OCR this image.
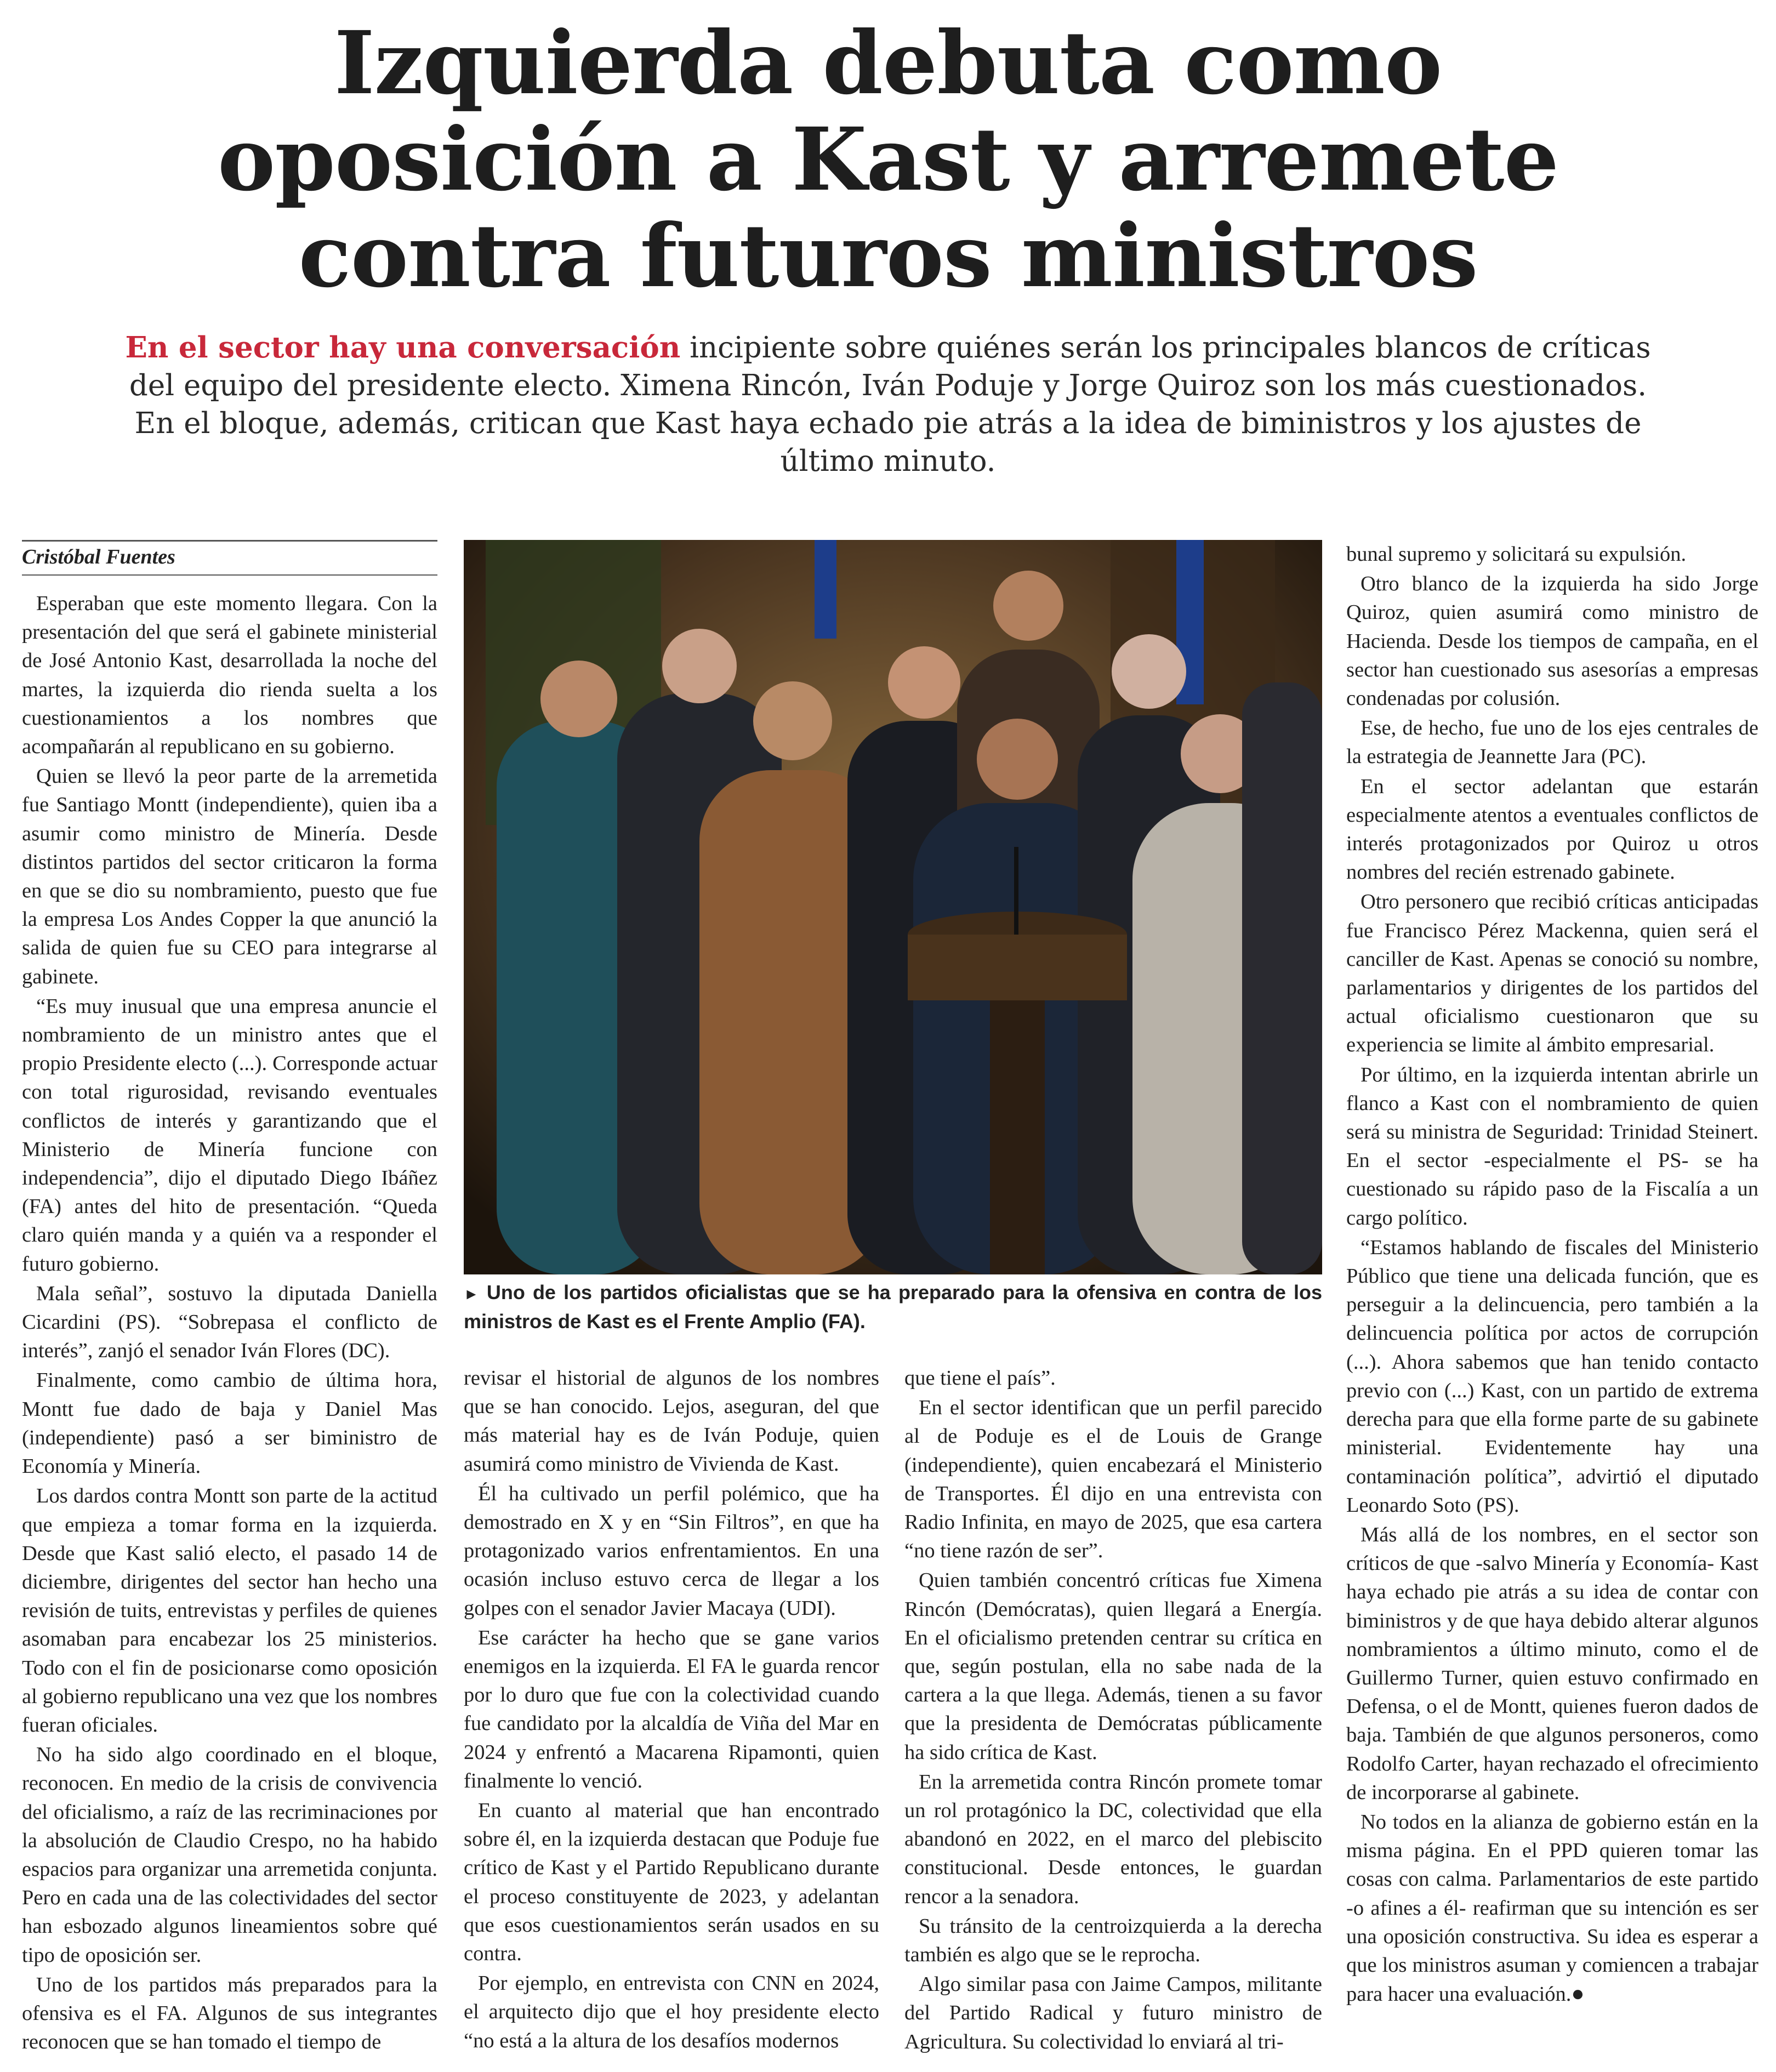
Izquierda debuta como
oposición a Kast y arremete
contra futuros ministros
En el sector hay una conversación incipiente sobre quiénes serán los principales blancos de críticas del equipo del presidente electo. Ximena Rincón, Iván Poduje y Jorge Quiroz son los más cuestionados. En el bloque, además, critican que Kast haya echado pie atrás a la idea de biministros y los ajustes de último minuto.
Cristóbal Fuentes

Esperaban que este momento llegara. Con la presentación del que será el gabinete ministerial de José Antonio Kast, desarrollada la noche del martes, la izquierda dio rienda suelta a los cuestionamientos a los nombres que acompañarán al republicano en su gobierno.

Quien se llevó la peor parte de la arremetida fue Santiago Montt (independiente), quien iba a asumir como ministro de Minería. Desde distintos partidos del sector criticaron la forma en que se dio su nombramiento, puesto que fue la empresa Los Andes Copper la que anunció la salida de quien fue su CEO para integrarse al gabinete.

“Es muy inusual que una empresa anuncie el nombramiento de un ministro antes que el propio Presidente electo (...). Corresponde actuar con total rigurosidad, revisando eventuales conflictos de interés y garantizando que el Ministerio de Minería funcione con independencia”, dijo el diputado Diego Ibáñez (FA) antes del hito de presentación. “Queda claro quién manda y a quién va a responder el futuro gobierno.

Mala señal”, sostuvo la diputada Daniella Cicardini (PS). “Sobrepasa el conflicto de interés”, zanjó el senador Iván Flores (DC).

Finalmente, como cambio de última hora, Montt fue dado de baja y Daniel Mas (independiente) pasó a ser biministro de Economía y Minería.

Los dardos contra Montt son parte de la actitud que empieza a tomar forma en la izquierda. Desde que Kast salió electo, el pasado 14 de diciembre, dirigentes del sector han hecho una revisión de tuits, entrevistas y perfiles de quienes asomaban para encabezar los 25 ministerios. Todo con el fin de posicionarse como oposición al gobierno republicano una vez que los nombres fueran oficiales.

No ha sido algo coordinado en el bloque, reconocen. En medio de la crisis de convivencia del oficialismo, a raíz de las recriminaciones por la absolución de Claudio Crespo, no ha habido espacios para organizar una arremetida conjunta. Pero en cada una de las colectividades del sector han esbozado algunos lineamientos sobre qué tipo de oposición ser.

Uno de los partidos más preparados para la ofensiva es el FA. Algunos de sus integrantes reconocen que se han tomado el tiempo de

► Uno de los partidos oficialistas que se ha preparado para la ofensiva en contra de los ministros de Kast es el Frente Amplio (FA).

revisar el historial de algunos de los nombres que se han conocido. Lejos, aseguran, del que más material hay es de Iván Poduje, quien asumirá como ministro de Vivienda de Kast.

Él ha cultivado un perfil polémico, que ha demostrado en X y en “Sin Filtros”, en que ha protagonizado varios enfrentamientos. En una ocasión incluso estuvo cerca de llegar a los golpes con el senador Javier Macaya (UDI).

Ese carácter ha hecho que se gane varios enemigos en la izquierda. El FA le guarda rencor por lo duro que fue con la colectividad cuando fue candidato por la alcaldía de Viña del Mar en 2024 y enfrentó a Macarena Ripamonti, quien finalmente lo venció.

En cuanto al material que han encontrado sobre él, en la izquierda destacan que Poduje fue crítico de Kast y el Partido Republicano durante el proceso constituyente de 2023, y adelantan que esos cuestionamientos serán usados en su contra.

Por ejemplo, en entrevista con CNN en 2024, el arquitecto dijo que el hoy presidente electo “no está a la altura de los desafíos modernos

que tiene el país”.

En el sector identifican que un perfil parecido al de Poduje es el de Louis de Grange (independiente), quien encabezará el Ministerio de Transportes. Él dijo en una entrevista con Radio Infinita, en mayo de 2025, que esa cartera “no tiene razón de ser”.

Quien también concentró críticas fue Ximena Rincón (Demócratas), quien llegará a Energía. En el oficialismo pretenden centrar su crítica en que, según postulan, ella no sabe nada de la cartera a la que llega. Además, tienen a su favor que la presidenta de Demócratas públicamente ha sido crítica de Kast.

En la arremetida contra Rincón promete tomar un rol protagónico la DC, colectividad que ella abandonó en 2022, en el marco del plebiscito constitucional. Desde entonces, le guardan rencor a la senadora.

Su tránsito de la centroizquierda a la derecha también es algo que se le reprocha.

Algo similar pasa con Jaime Campos, militante del Partido Radical y futuro ministro de Agricultura. Su colectividad lo enviará al tri-

bunal supremo y solicitará su expulsión.

Otro blanco de la izquierda ha sido Jorge Quiroz, quien asumirá como ministro de Hacienda. Desde los tiempos de campaña, en el sector han cuestionado sus asesorías a empresas condenadas por colusión.

Ese, de hecho, fue uno de los ejes centrales de la estrategia de Jeannette Jara (PC).

En el sector adelantan que estarán especialmente atentos a eventuales conflictos de interés protagonizados por Quiroz u otros nombres del recién estrenado gabinete.

Otro personero que recibió críticas anticipadas fue Francisco Pérez Mackenna, quien será el canciller de Kast. Apenas se conoció su nombre, parlamentarios y dirigentes de los partidos del actual oficialismo cuestionaron que su experiencia se limite al ámbito empresarial.

Por último, en la izquierda intentan abrirle un flanco a Kast con el nombramiento de quien será su ministra de Seguridad: Trinidad Steinert. En el sector -especialmente el PS- se ha cuestionado su rápido paso de la Fiscalía a un cargo político.

“Estamos hablando de fiscales del Ministerio Público que tiene una delicada función, que es perseguir a la delincuencia, pero también a la delincuencia política por actos de corrupción (...). Ahora sabemos que han tenido contacto previo con (...) Kast, con un partido de extrema derecha para que ella forme parte de su gabinete ministerial. Evidentemente hay una contaminación política”, advirtió el diputado Leonardo Soto (PS).

Más allá de los nombres, en el sector son críticos de que -salvo Minería y Economía- Kast haya echado pie atrás a su idea de contar con biministros y de que haya debido alterar algunos nombramientos a último minuto, como el de Guillermo Turner, quien estuvo confirmado en Defensa, o el de Montt, quienes fueron dados de baja. También de que algunos personeros, como Rodolfo Carter, hayan rechazado el ofrecimiento de incorporarse al gabinete.

No todos en la alianza de gobierno están en la misma página. En el PPD quieren tomar las cosas con calma. Parlamentarios de este partido -o afines a él- reafirman que su intención es ser una oposición constructiva. Su idea es esperar a que los ministros asuman y comiencen a trabajar para hacer una evaluación.●
